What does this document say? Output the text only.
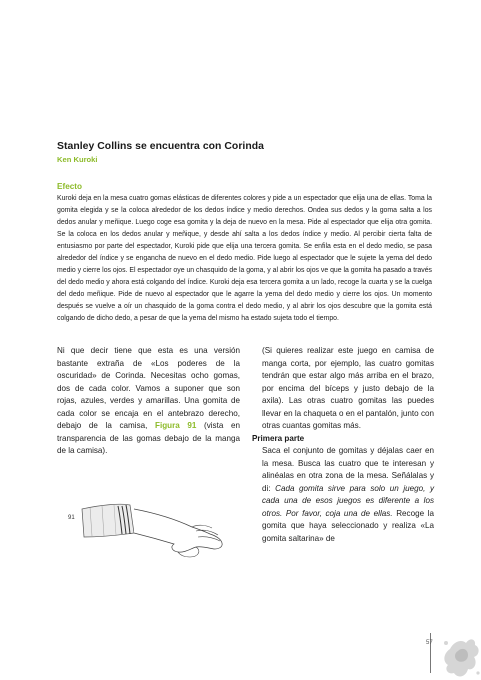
Stanley Collins se encuentra con Corinda
Ken Kuroki
Efecto

Kuroki deja en la mesa cuatro gomas elásticas de diferentes colores y pide a un espectador que elija una de ellas. Toma la gomita elegida y se la coloca alrededor de los dedos índice y medio derechos. Ondea sus dedos y la goma salta a los dedos anular y meñique. Luego coge esa gomita y la deja de nuevo en la mesa. Pide al espectador que elija otra gomita. Se la coloca en los dedos anular y meñique, y desde ahí salta a los dedos índice y medio. Al percibir cierta falta de entusiasmo por parte del espectador, Kuroki pide que elija una tercera gomita. Se enfila esta en el dedo medio, se pasa alrededor del índice y se engancha de nuevo en el dedo medio. Pide luego al espectador que le sujete la yema del dedo medio y cierre los ojos. El espectador oye un chasquido de la goma, y al abrir los ojos ve que la gomita ha pasado a través del dedo medio y ahora está colgando del índice. Kuroki deja esa tercera gomita a un lado, recoge la cuarta y se la cuelga del dedo meñique. Pide de nuevo al espectador que le agarre la yema del dedo medio y cierre los ojos. Un momento después se vuelve a oír un chasquido de la goma contra el dedo medio, y al abrir los ojos descubre que la gomita está colgando de dicho dedo, a pesar de que la yema del mismo ha estado sujeta todo el tiempo.

Ni que decir tiene que esta es una versión bastante extraña de «Los poderes de la oscuridad» de Corinda. Necesitas ocho gomas, dos de cada color. Vamos a suponer que son rojas, azules, verdes y amarillas. Una gomita de cada color se encaja en el antebrazo derecho, debajo de la camisa, Figura 91 (vista en transparencia de las gomas debajo de la manga de la camisa).

91

(Si quieres realizar este juego en camisa de manga corta, por ejemplo, las cuatro gomitas tendrán que estar algo más arriba en el brazo, por encima del bíceps y justo debajo de la axila). Las otras cuatro gomitas las puedes llevar en la chaqueta o en el pantalón, junto con otras cuantas gomitas más.

Primera parte

Saca el conjunto de gomitas y déjalas caer en la mesa. Busca las cuatro que te interesan y alinéalas en otra zona de la mesa. Señálalas y di: Cada gomita sirve para solo un juego, y cada una de esos juegos es diferente a los otros. Por favor, coja una de ellas. Recoge la gomita que haya seleccionado y realiza «La gomita saltarina» de

57
